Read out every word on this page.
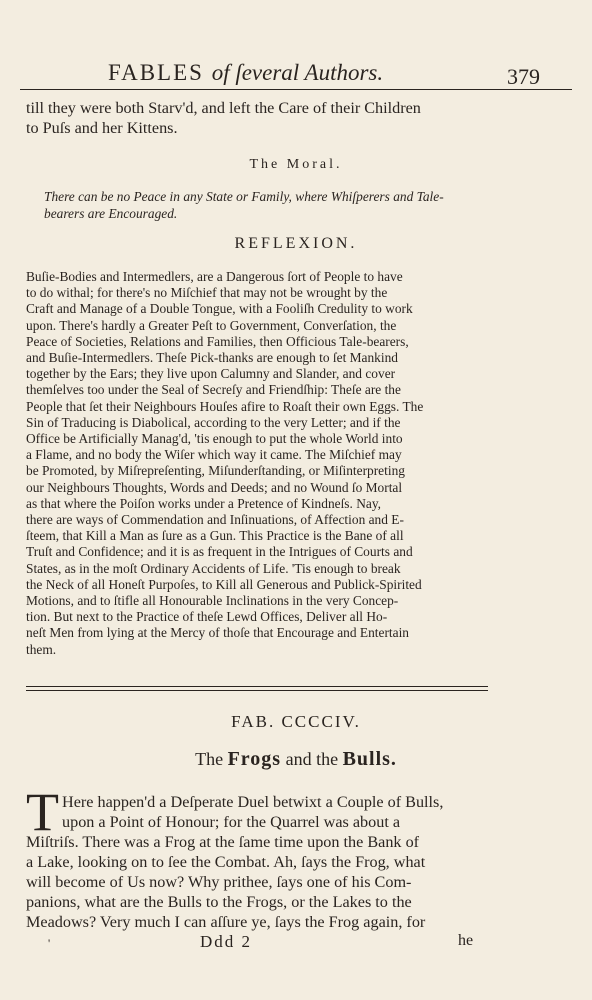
FABLES of ſeveral Authors.	379
till they were both Starv'd, and left the Care of their Children
to Puſs and her Kittens.
The Moral.
There can be no Peace in any State or Family, where Whiſperers and Tale-
bearers are Encouraged.
REFLEXION.
Buſie-Bodies and Intermedlers, are a Dangerous ſort of People to have
to do withal; for there's no Miſchief that may not be wrought by the
Craft and Manage of a Double Tongue, with a Fooliſh Credulity to work
upon. There's hardly a Greater Peſt to Government, Converſation, the
Peace of Societies, Relations and Families, then Officious Tale-bearers,
and Buſie-Intermedlers. Theſe Pick-thanks are enough to ſet Mankind
together by the Ears; they live upon Calumny and Slander, and cover
themſelves too under the Seal of Secreſy and Friendſhip: Theſe are the
People that ſet their Neighbours Houſes afire to Roaſt their own Eggs. The
Sin of Traducing is Diabolical, according to the very Letter; and if the
Office be Artificially Manag'd, 'tis enough to put the whole World into
a Flame, and no body the Wiſer which way it came. The Miſchief may
be Promoted, by Miſrepreſenting, Miſunderſtanding, or Miſinterpreting
our Neighbours Thoughts, Words and Deeds; and no Wound ſo Mortal
as that where the Poiſon works under a Pretence of Kindneſs. Nay,
there are ways of Commendation and Inſinuations, of Affection and E-
ſteem, that Kill a Man as ſure as a Gun. This Practice is the Bane of all
Truſt and Confidence; and it is as frequent in the Intrigues of Courts and
States, as in the moſt Ordinary Accidents of Life. 'Tis enough to break
the Neck of all Honeſt Purpoſes, to Kill all Generous and Publick-Spirited
Motions, and to ſtifle all Honourable Inclinations in the very Concep-
tion. But next to the Practice of theſe Lewd Offices, Deliver all Ho-
neſt Men from lying at the Mercy of thoſe that Encourage and Entertain
them.
FAB. CCCCIV.
The Frogs and the Bulls.
T Here happen'd a Deſperate Duel betwixt a Couple of Bulls,
upon a Point of Honour; for the Quarrel was about a
Miſtriſs. There was a Frog at the ſame time upon the Bank of
a Lake, looking on to ſee the Combat. Ah, ſays the Frog, what
will become of Us now? Why prithee, ſays one of his Com-
panions, what are the Bulls to the Frogs, or the Lakes to the
Meadows? Very much I can aſſure ye, ſays the Frog again, for
'	Ddd 2	he
